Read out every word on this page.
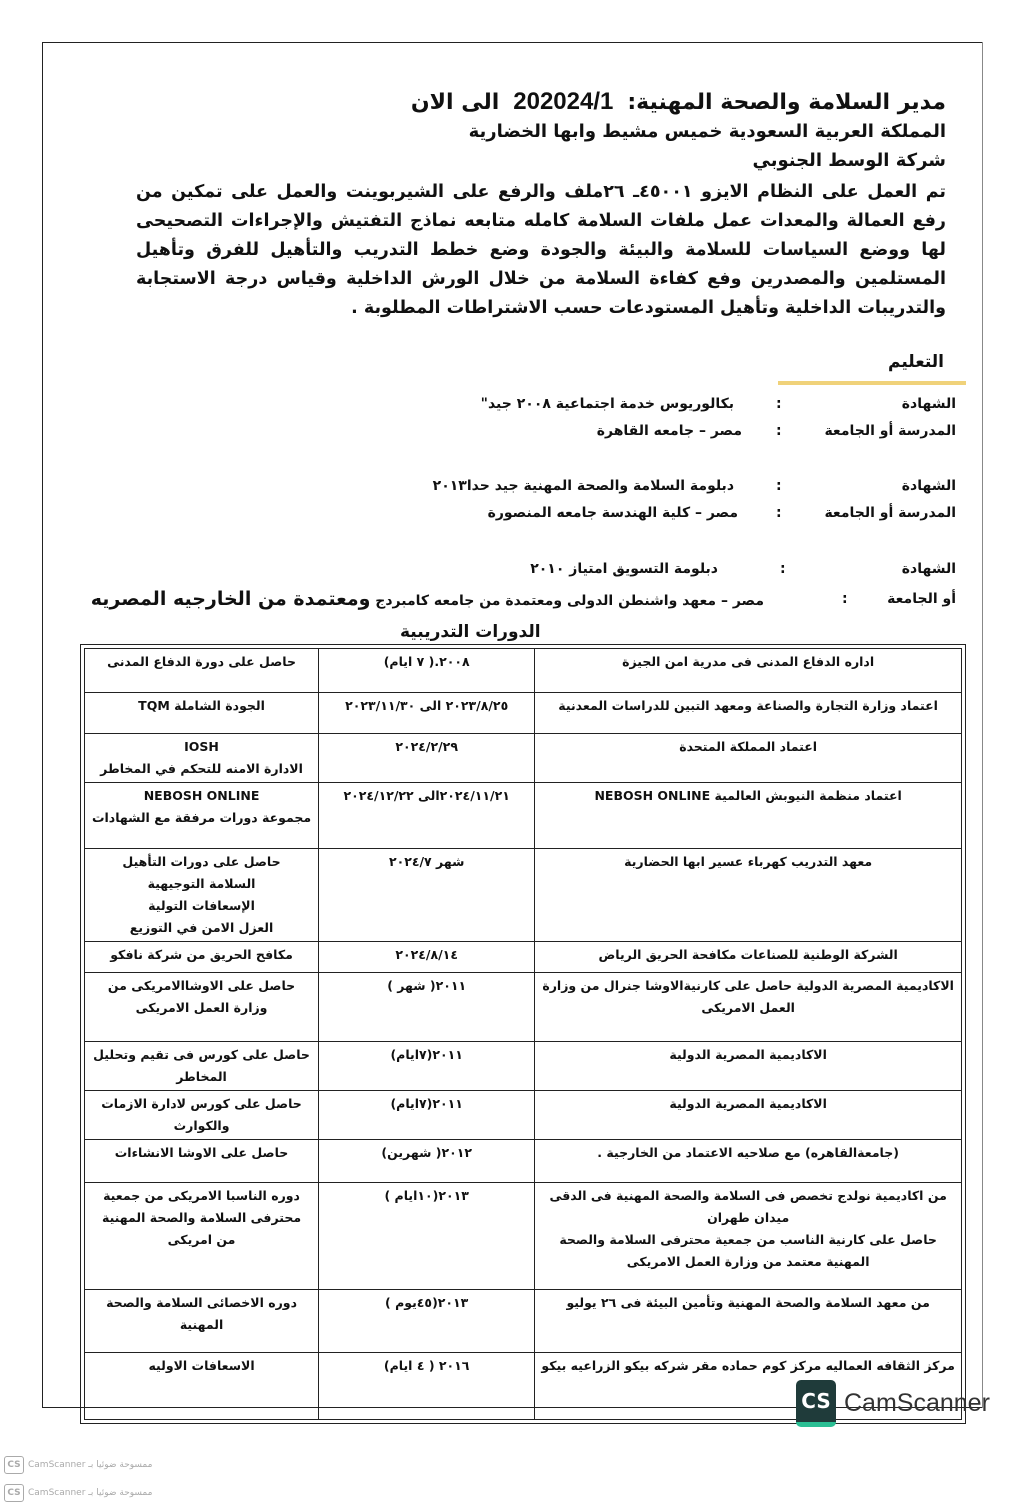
مدير السلامة والصحة المهنية:202024/1الى الان
المملكة العربية السعودية خميس مشيط وابها الخضارية
شركة الوسط الجنوبي
تم العمل على النظام الايزو ٤٥٠٠١ـ ٢٦ملف والرفع على الشيربوينت والعمل على تمكين من رفع العمالة والمعدات عمل ملفات السلامة كامله متابعه نماذج التفتيش والإجراءات التصحيحى لها ووضع السياسات للسلامة والبيئة والجودة وضع خطط التدريب والتأهيل للفرق وتأهيل المستلمين والمصدرين وفع كفاءة السلامة من خلال الورش الداخلية وقياس درجة الاستجابة والتدريبات الداخلية وتأهيل المستودعات حسب الاشتراطات المطلوبة .
التعليم
الشهادة
:
بكالوريوس خدمة اجتماعية ٢٠٠٨ جيد"
المدرسة أو الجامعة
:
مصر – جامعه القاهرة
الشهادة
:
دبلومة السلامة والصحة المهنية جيد حدا٢٠١٣
المدرسة أو الجامعة
:
مصر – كلية الهندسة جامعه المنصورة
الشهادة
:
دبلومة التسويق امتياز ٢٠١٠
أو الجامعة
:
مصر – معهد واشنطن الدولى ومعتمدة من جامعه كامبردج ومعتمدة من الخارجيه المصريه
الدورات التدريبية
حاصل على دورة الدفاع المدنى	٢٠٠٨.( ٧ ايام)	اداره الدفاع المدنى فى مدرية امن الجيزة
الجودة الشاملة TQM	٢٠٢٣/٨/٢٥ الى ٢٠٢٣/١١/٣٠	اعتماد وزارة التجارة والصناعة ومعهد التبين للدراسات المعدنية
IOSH
الادارة الامنه للتحكم في المخاطر	٢٠٢٤/٢/٢٩	اعتماد المملكة المتحدة
NEBOSH ONLINE
مجموعة دورات مرفقة مع الشهادات	٢٠٢٤/١١/٢١الى ٢٠٢٤/١٢/٢٢	اعتماد منظمة النيوبش العالمية NEBOSH ONLINE
حاصل على دورات التأهيل
السلامة التوجيهية
الإسعافات التولية
العزل الامن في التوزيع	شهر ٢٠٢٤/٧	معهد التدريب كهرباء عسير ابها الحضارية
مكافح الحريق من شركة نافكو	٢٠٢٤/٨/١٤	الشركة الوطنية للصناعات مكافحة الحريق الرياض
حاصل على الاوشاالامريكى من وزارة العمل الامريكى	٢٠١١( شهر )	الاكاديمية المصرية الدولية حاصل على كارنيةالاوشا جنرال من وزارة العمل الامريكى
حاصل على كورس فى تقيم وتحليل المخاطر	٢٠١١(٧ايام)	الاكاديمية المصرية الدولية
حاصل على كورس لادارة الازمات والكوارث	٢٠١١(٧ايام)	الاكاديمية المصرية الدولية
حاصل على الاوشا الانشاءات	٢٠١٢( شهرين)	(جامعةالقاهره) مع صلاحيه الاعتماد من الخارجية .
دوره الناسبا الامريكى من جمعية محترفى السلامة والصحة المهنية من امريكى	٢٠١٣(١٠ايام )	من اكاديمية نولدج تخصص فى السلامة والصحة المهنية فى الدقى ميدان طهران
حاصل على كارنية الناسب من جمعية محترفى السلامة والصحة المهنية معتمد من وزارة العمل الامريكى
دوره الاخصائى السلامة والصحة المهنية	٢٠١٣(٤٥يوم )	من معهد السلامة والصحة المهنية وتأمين البيئة فى ٢٦ يوليو
الاسعافات الاوليه	٢٠١٦ ( ٤ ايام)	مركز الثقافه العماليه مركز كوم حماده مقر شركه بيكو الزراعيه بيكو
CS CamScanner
CS CamScanner ممسوحة ضوئيا بـ
CS CamScanner ممسوحة ضوئيا بـ
